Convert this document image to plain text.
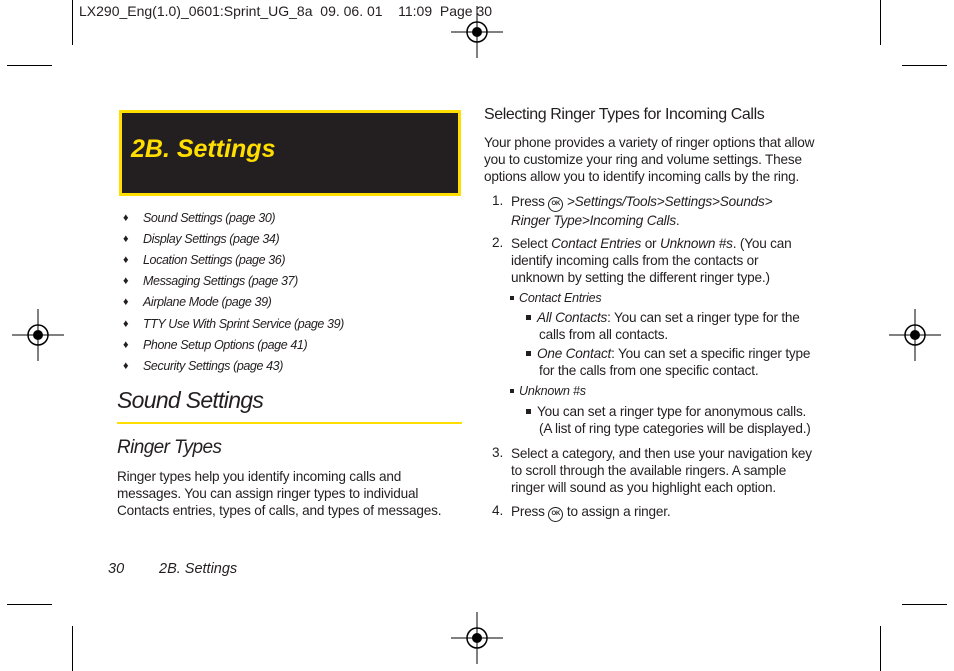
LX290_Eng(1.0)_0601:Sprint_UG_8a  09. 06. 01    11:09  Page 30
2B. Settings
♦	Sound Settings (page 30)
♦	Display Settings (page 34)
♦	Location Settings (page 36)
♦	Messaging Settings (page 37)
♦	Airplane Mode (page 39)
♦	TTY Use With Sprint Service (page 39)
♦	Phone Setup Options (page 41)
♦	Security Settings (page 43)
Sound Settings
Ringer Types
Ringer types help you identify incoming calls and
messages. You can assign ringer types to individual
Contacts entries, types of calls, and types of messages.
Selecting Ringer Types for Incoming Calls
Your phone provides a variety of ringer options that allow
you to customize your ring and volume settings. These
options allow you to identify incoming calls by the ring.
1. Press OK >Settings/Tools>Settings>Sounds>
Ringer Type>Incoming Calls.
2. Select Contact Entries or Unknown #s. (You can
identify incoming calls from the contacts or
unknown by setting the different ringer type.)
Contact Entries
All Contacts: You can set a ringer type for the
calls from all contacts.
One Contact: You can set a specific ringer type
for the calls from one specific contact.
Unknown #s
You can set a ringer type for anonymous calls.
(A list of ring type categories will be displayed.)
3. Select a category, and then use your navigation key
to scroll through the available ringers. A sample
ringer will sound as you highlight each option.
4. Press OK to assign a ringer.
30 2B. Settings
